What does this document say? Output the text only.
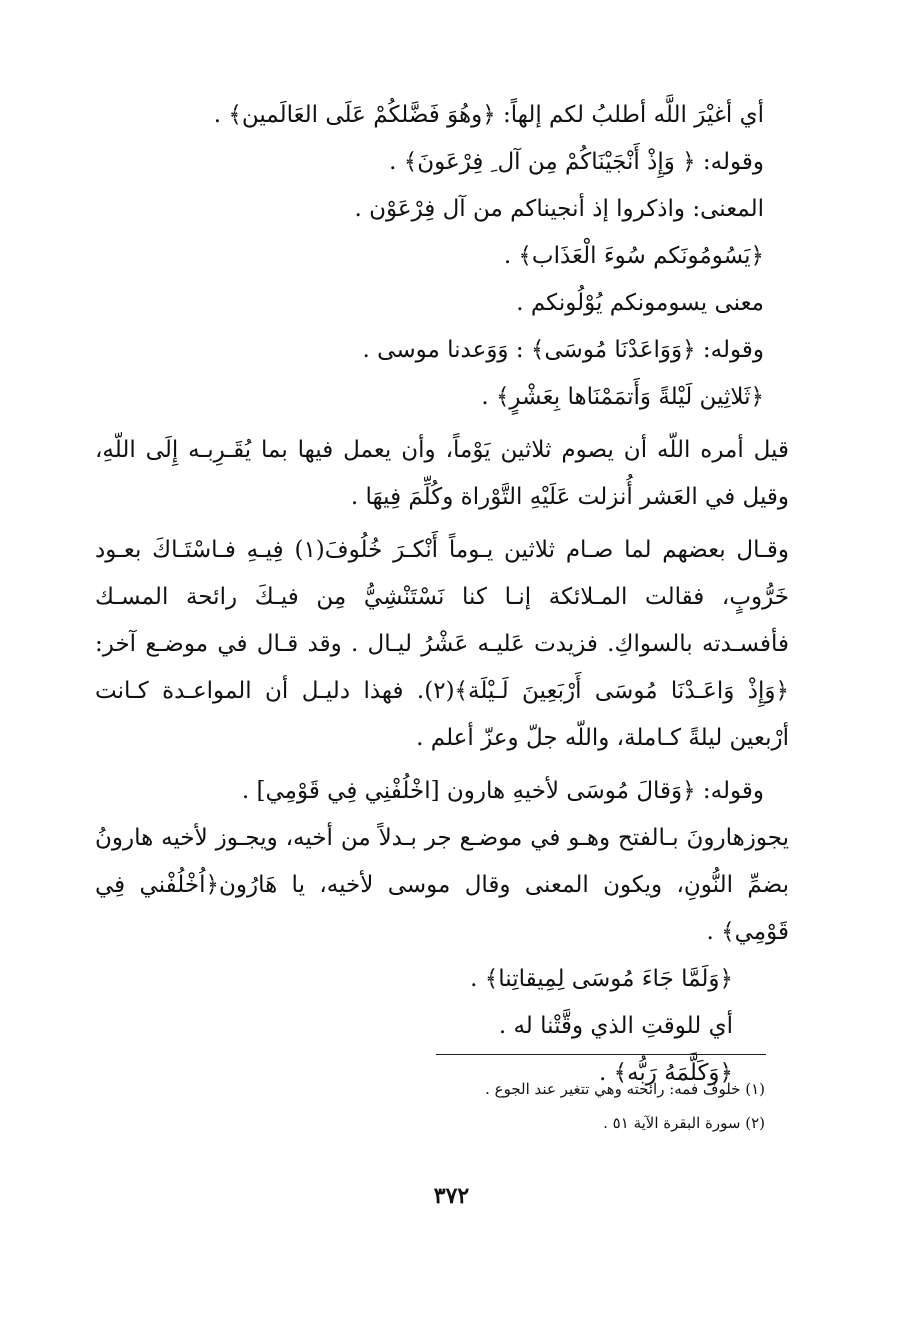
أي أغيْرَ اللَّه أطلبُ لكم إلهاً: ﴿وهُوَ فَضَّلكُمْ عَلَى العَالَمين﴾ .
وقوله: ﴿ وَإِذْ أَنْجَيْنَاكُمْ مِن آل ِ فِرْعَونَ﴾ .
المعنى: واذكروا إذ أنجيناكم من آل فِرْعَوْن .
﴿يَسُومُونَكم سُوءَ الْعَذَاب﴾ .
معنى يسومونكم يُوْلُونكم .
وقوله: ﴿وَوَاعَدْنَا مُوسَى﴾ : وَوَعدنا موسى .
﴿ثَلاثِين لَيْلةً وَأَتمَمْنَاها بِعَشْرٍ﴾ .
قيل أمره اللّه أن يصوم ثلاثين يَوْماً، وأن يعمل فيها بما يُقَـرِبـه إِلَى اللّهِ، وقيل في العَشر أُنزلت عَلَيْهِ التَّوْراة وكُلِّمَ فِيهَا .
وقـال بعضهم لما صـام ثلاثين يـوماً أَنْكـرَ خُلُوفَ(١) فِيـهِ فـاسْتَـاكَ بعـود خَرُّوبٍ، فقالت المـلائكة إنـا كنا نَسْتَنْشِيُّ مِن فيـكَ رائحة المسـك فأفسـدته بالسواكِ. فزيدت عَليـه عَشْرُ ليـال . وقد قـال في موضـع آخر: ﴿وَإِذْ وَاعَـدْنَا مُوسَى أَرْبَعِينَ لَـيْلَة﴾(٢). فهذا دليـل أن المواعـدة كـانت أرْبعين ليلةً كـاملة، واللّه جلّ وعزّ أعلم .
وقوله: ﴿وَقالَ مُوسَى لأخيهِ هارون [اخْلُفْنِي فِي قَوْمِي] .
يجوزهارونَ بـالفتح وهـو في موضـع جر بـدلاً من أخيه، ويجـوز لأخيه هارونُ بضمِّ النُّونِ، ويكون المعنى وقال موسى لأخيه، يا هَارُون﴿اُخْلُفْني فِي قَوْمِي﴾ .
﴿وَلَمَّا جَاءَ مُوسَى لِمِيقاتِنا﴾ .
أي للوقتِ الذي وقَّتْنا له .
﴿وَكَلَّمَهُ رَبُّه﴾ .
(١) خلوف فمه: رائحته وهي تتغير عند الجوع .
(٢) سورة البقرة الآية ٥١ .
٣٧٢
